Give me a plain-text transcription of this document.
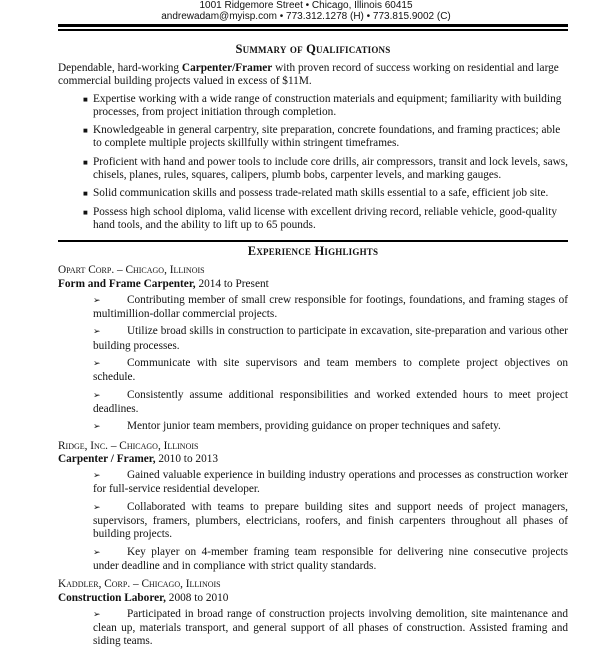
1001 Ridgemore Street • Chicago, Illinois 60415
andrewadam@myisp.com • 773.312.1278 (H) • 773.815.9002 (C)
Summary of Qualifications

Dependable, hard-working Carpenter/Framer with proven record of success working on residential and large commercial building projects valued in excess of $11M.

■ Expertise working with a wide range of construction materials and equipment; familiarity with building processes, from project initiation through completion.
■ Knowledgeable in general carpentry, site preparation, concrete foundations, and framing practices; able to complete multiple projects skillfully within stringent timeframes.
■ Proficient with hand and power tools to include core drills, air compressors, transit and lock levels, saws, chisels, planes, rules, squares, calipers, plumb bobs, carpenter levels, and marking gauges.
■ Solid communication skills and possess trade-related math skills essential to a safe, efficient job site.
■ Possess high school diploma, valid license with excellent driving record, reliable vehicle, good-quality hand tools, and the ability to lift up to 65 pounds.
Experience Highlights

Opart Corp. – Chicago, Illinois

Form and Frame Carpenter, 2014 to Present

➢ Contributing member of small crew responsible for footings, foundations, and framing stages of multimillion-dollar commercial projects.
➢ Utilize broad skills in construction to participate in excavation, site-preparation and various other building processes.
➢ Communicate with site supervisors and team members to complete project objectives on schedule.
➢ Consistently assume additional responsibilities and worked extended hours to meet project deadlines.
➢ Mentor junior team members, providing guidance on proper techniques and safety.

Ridge, Inc. – Chicago, Illinois

Carpenter / Framer, 2010 to 2013

➢ Gained valuable experience in building industry operations and processes as construction worker for full-service residential developer.
➢ Collaborated with teams to prepare building sites and support needs of project managers, supervisors, framers, plumbers, electricians, roofers, and finish carpenters throughout all phases of building projects.
➢ Key player on 4-member framing team responsible for delivering nine consecutive projects under deadline and in compliance with strict quality standards.

Kaddler, Corp. – Chicago, Illinois

Construction Laborer, 2008 to 2010

➢ Participated in broad range of construction projects involving demolition, site maintenance and clean up, materials transport, and general support of all phases of construction. Assisted framing and siding teams.
